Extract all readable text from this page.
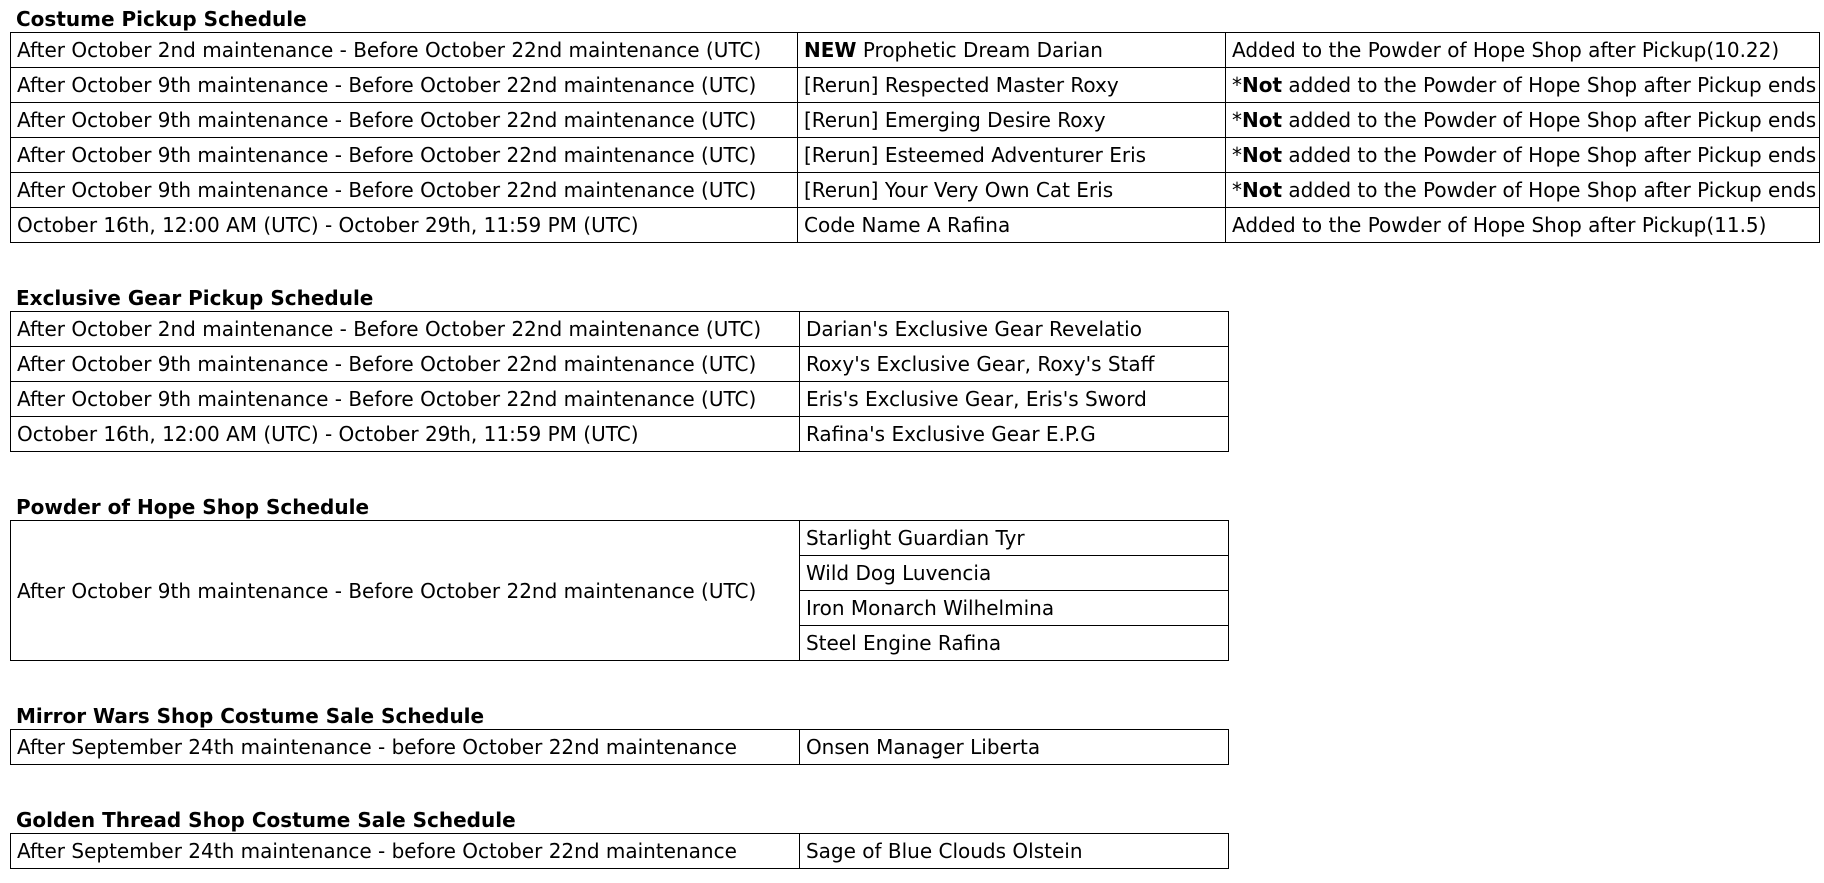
Costume Pickup Schedule
After October 2nd maintenance - Before October 22nd maintenance (UTC)	NEW Prophetic Dream Darian	Added to the Powder of Hope Shop after Pickup(10.22)
After October 9th maintenance - Before October 22nd maintenance (UTC)	[Rerun] Respected Master Roxy	*Not added to the Powder of Hope Shop after Pickup ends
After October 9th maintenance - Before October 22nd maintenance (UTC)	[Rerun] Emerging Desire Roxy	*Not added to the Powder of Hope Shop after Pickup ends
After October 9th maintenance - Before October 22nd maintenance (UTC)	[Rerun] Esteemed Adventurer Eris	*Not added to the Powder of Hope Shop after Pickup ends
After October 9th maintenance - Before October 22nd maintenance (UTC)	[Rerun] Your Very Own Cat Eris	*Not added to the Powder of Hope Shop after Pickup ends
October 16th, 12:00 AM (UTC) - October 29th, 11:59 PM (UTC)	Code Name A Rafina	Added to the Powder of Hope Shop after Pickup(11.5)
Exclusive Gear Pickup Schedule
After October 2nd maintenance - Before October 22nd maintenance (UTC)	Darian's Exclusive Gear Revelatio
After October 9th maintenance - Before October 22nd maintenance (UTC)	Roxy's Exclusive Gear, Roxy's Staff
After October 9th maintenance - Before October 22nd maintenance (UTC)	Eris's Exclusive Gear, Eris's Sword
October 16th, 12:00 AM (UTC) - October 29th, 11:59 PM (UTC)	Rafina's Exclusive Gear E.P.G
Powder of Hope Shop Schedule
After October 9th maintenance - Before October 22nd maintenance (UTC)	Starlight Guardian Tyr
Wild Dog Luvencia
Iron Monarch Wilhelmina
Steel Engine Rafina
Mirror Wars Shop Costume Sale Schedule
After September 24th maintenance - before October 22nd maintenance	Onsen Manager Liberta
Golden Thread Shop Costume Sale Schedule
After September 24th maintenance - before October 22nd maintenance	Sage of Blue Clouds Olstein
